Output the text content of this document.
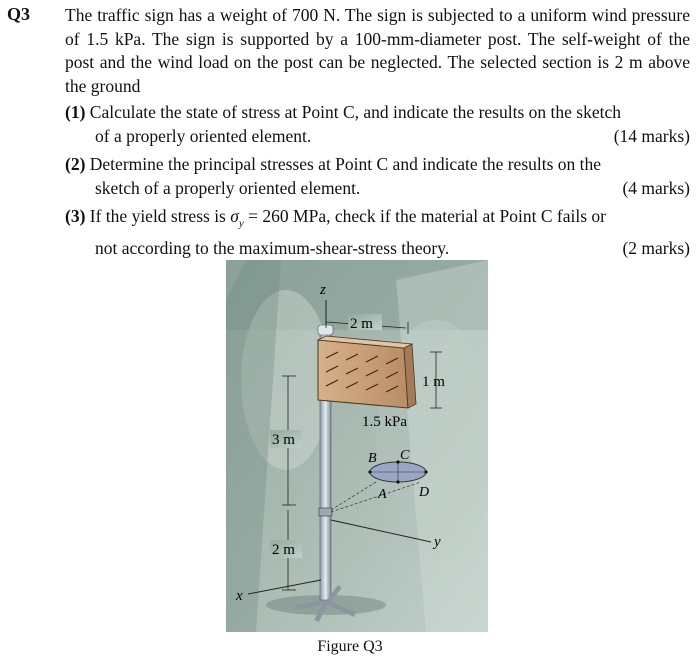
Q3 The traffic sign has a weight of 700 N. The sign is subjected to a uniform wind pressure of 1.5 kPa. The sign is supported by a 100-mm-diameter post. The self-weight of the post and the wind load on the post can be neglected. The selected section is 2 m above the ground
(1) Calculate the state of stress at Point C, and indicate the results on the sketch
of a properly oriented element.	(14 marks)
(2) Determine the principal stresses at Point C and indicate the results on the
sketch of a properly oriented element.	(4 marks)
(3) If the yield stress is $\sigma_y = 260$ MPa, check if the material at Point C fails or
not according to the maximum-shear-stress theory.	(2 marks)
z
2 m
1 m
1.5 kPa
3 m
2 m
B C
A D
y
x
Figure Q3
